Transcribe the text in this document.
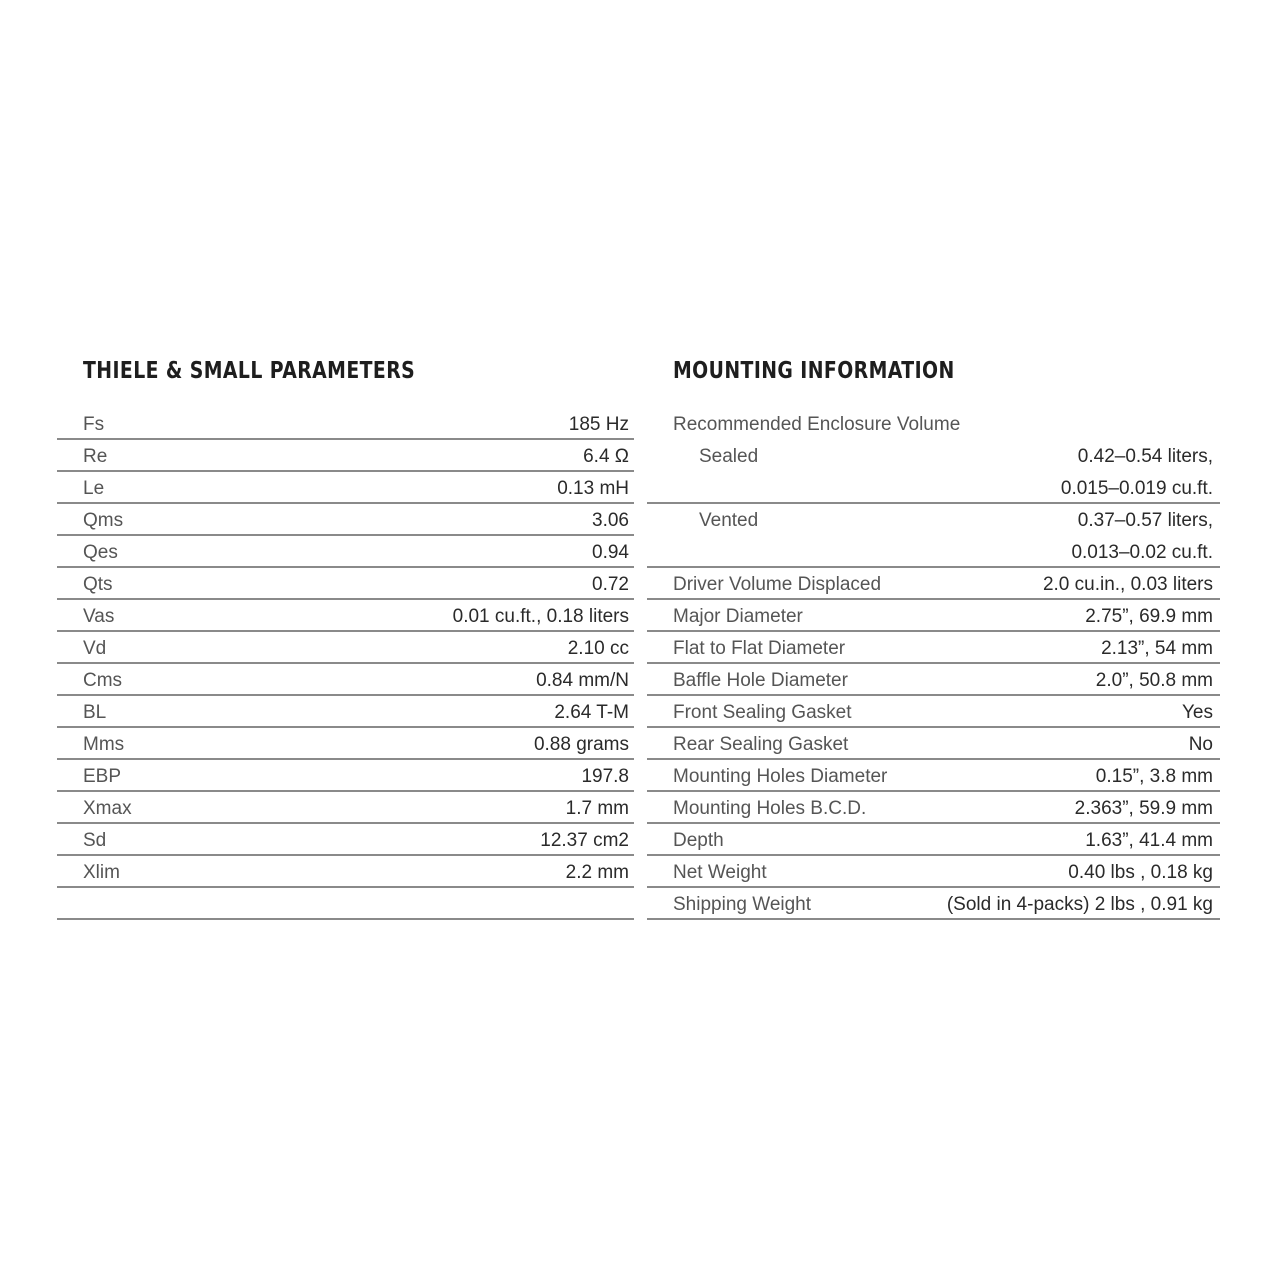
THIELE & SMALL PARAMETERS	MOUNTING INFORMATION
Fs	185 Hz
Re	6.4 Ω
Le	0.13 mH
Qms	3.06
Qes	0.94
Qts	0.72
Vas	0.01 cu.ft., 0.18 liters
Vd	2.10 cc
Cms	0.84 mm/N
BL	2.64 T-M
Mms	0.88 grams
EBP	197.8
Xmax	1.7 mm
Sd	12.37 cm2
Xlim	2.2 mm
Recommended Enclosure Volume
Sealed	0.42–0.54 liters,
0.015–0.019 cu.ft.
Vented	0.37–0.57 liters,
0.013–0.02 cu.ft.
Driver Volume Displaced	2.0 cu.in., 0.03 liters
Major Diameter	2.75”, 69.9 mm
Flat to Flat Diameter	2.13”, 54 mm
Baffle Hole Diameter	2.0”, 50.8 mm
Front Sealing Gasket	Yes
Rear Sealing Gasket	No
Mounting Holes Diameter	0.15”, 3.8 mm
Mounting Holes B.C.D.	2.363”, 59.9 mm
Depth	1.63”, 41.4 mm
Net Weight	0.40 lbs , 0.18 kg
Shipping Weight	(Sold in 4-packs) 2 lbs , 0.91 kg
